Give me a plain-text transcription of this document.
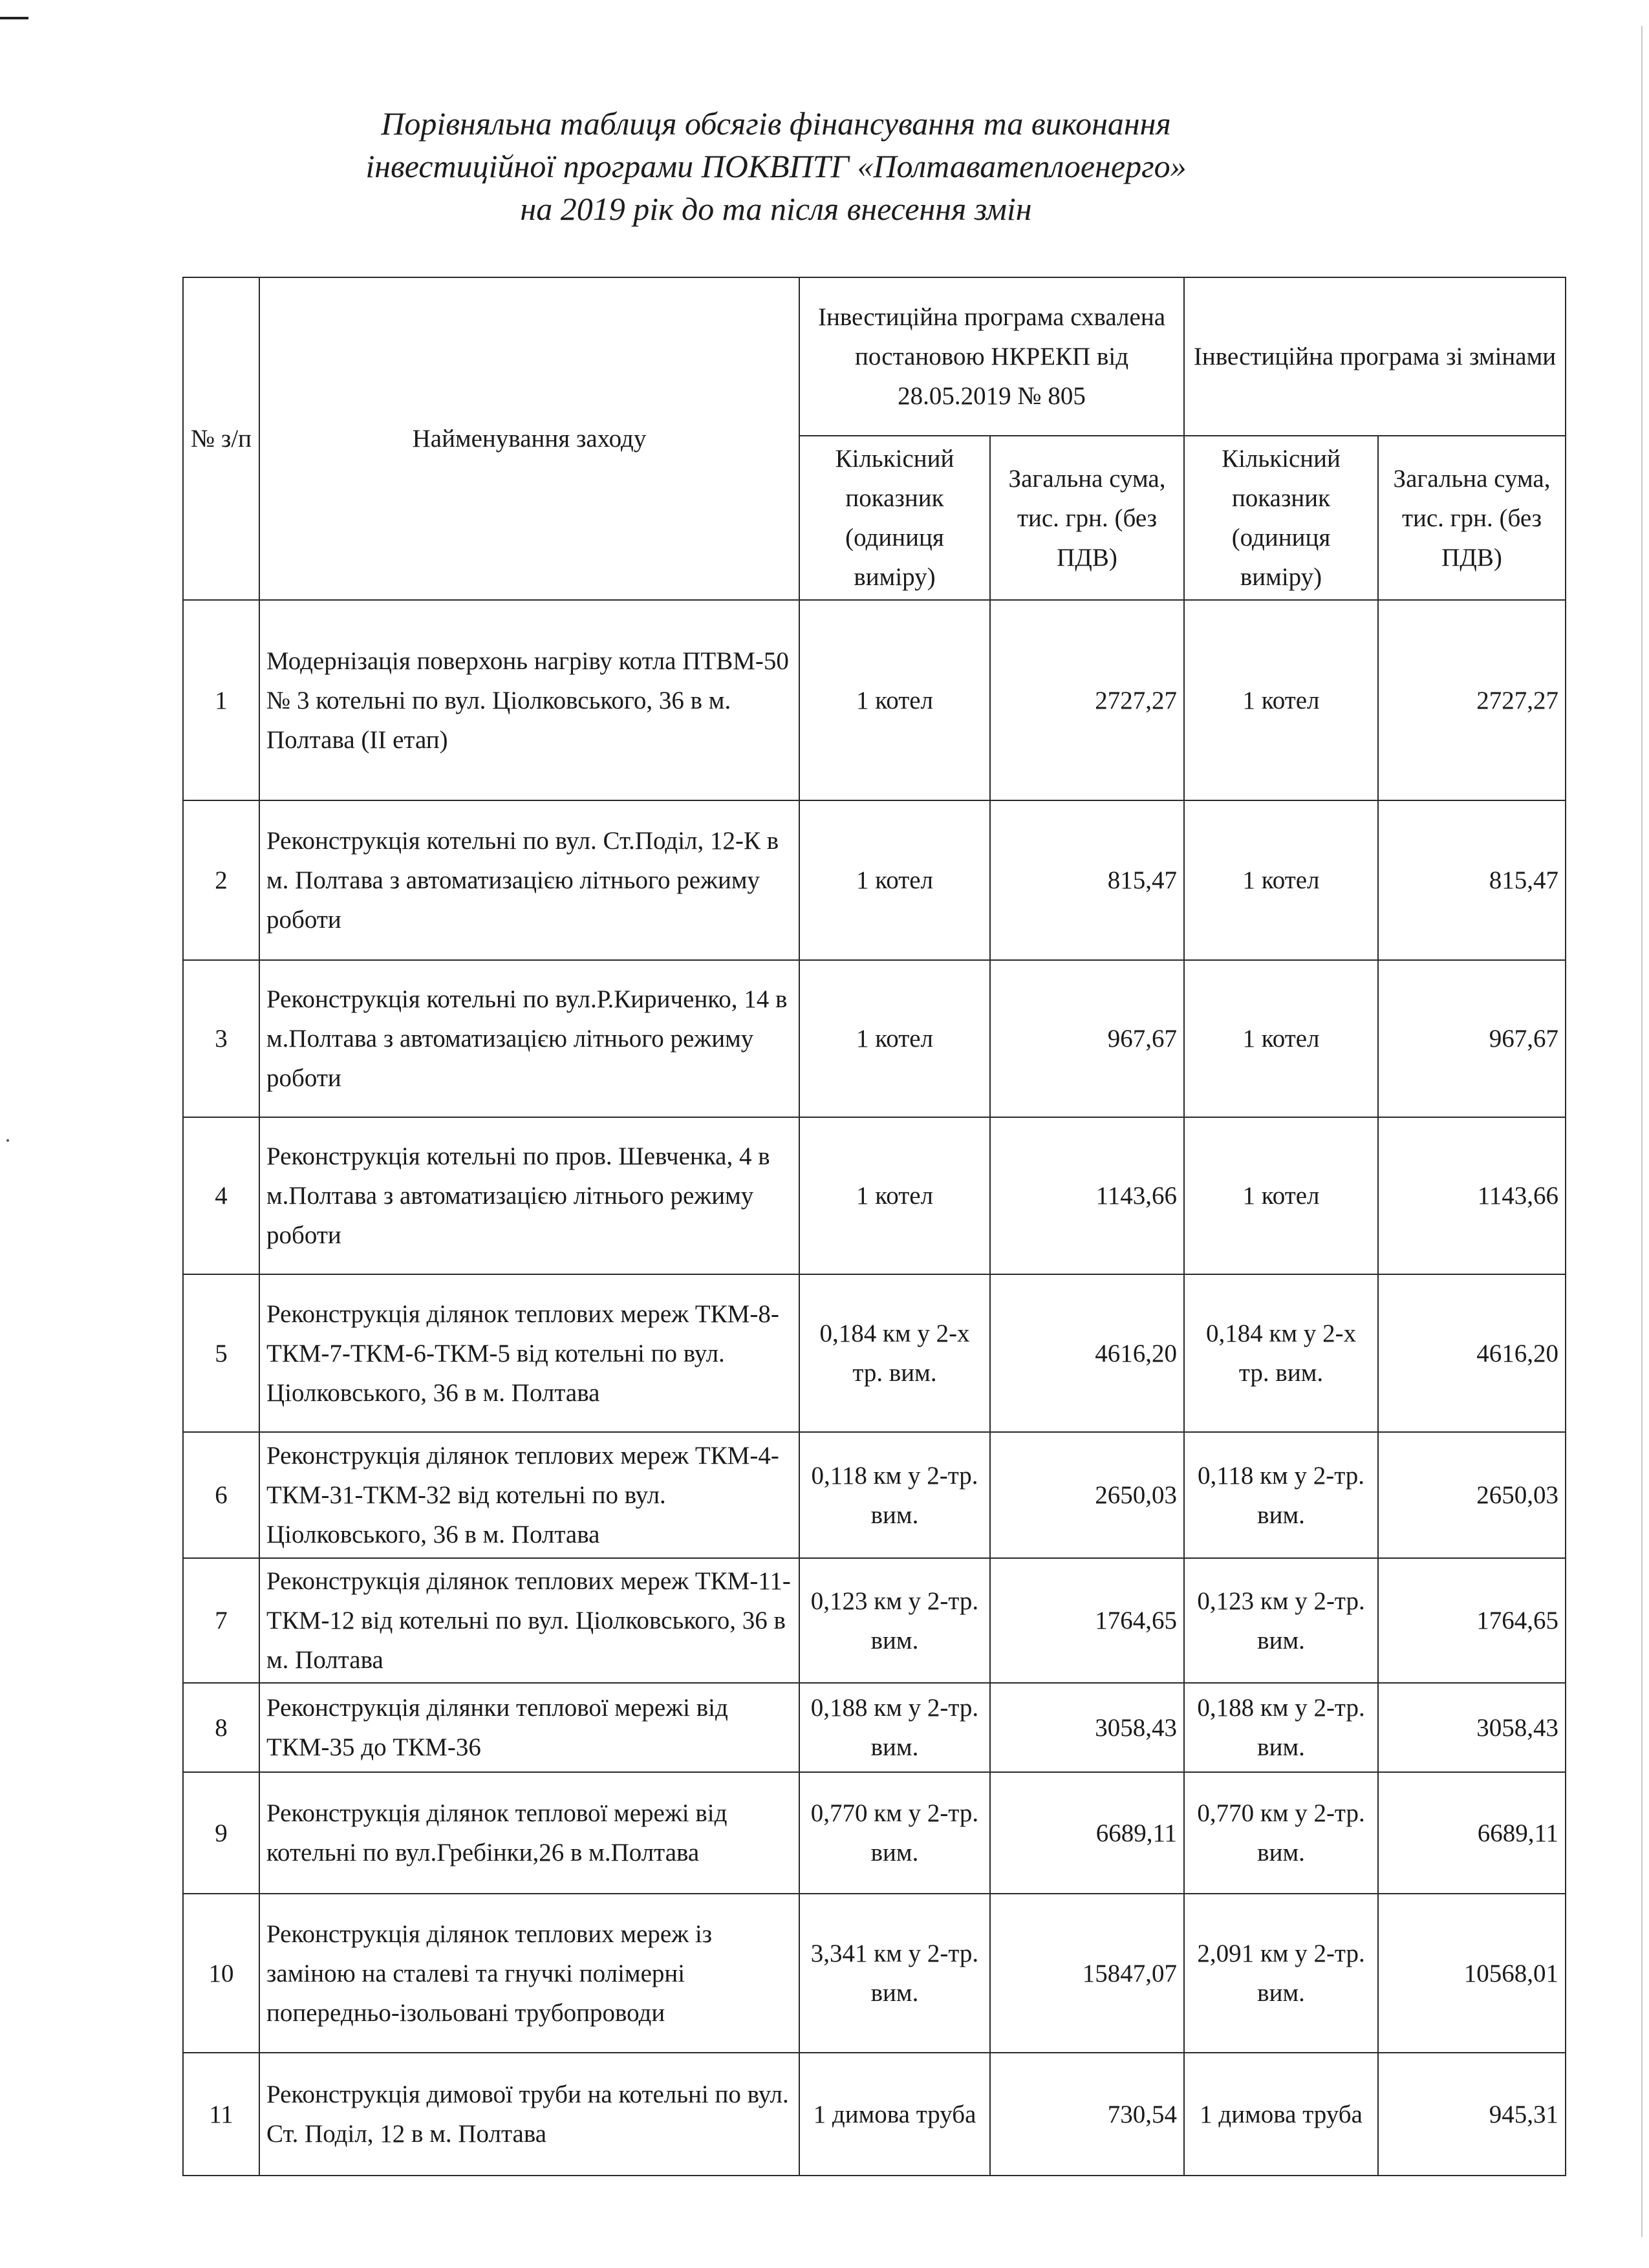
Порівняльна таблиця обсягів фінансування та виконання
інвестиційної програми ПОКВПТГ «Полтаватеплоенерго»
на 2019 рік до та після внесення змін
№ з/п	Найменування заходу	Інвестиційна програма схвалена постановою НКРЕКП від 28.05.2019 № 805		Інвестиційна програма зі змінами	
		Кількісний показник (одиниця виміру)	Загальна сума, тис. грн. (без ПДВ)	Кількісний показник (одиниця виміру)	Загальна сума, тис. грн. (без ПДВ)
1	Модернізація поверхонь нагріву котла ПТВМ-50 № 3 котельні по вул. Ціолковського, 36 в м. Полтава (ІІ етап)	1 котел	2727,27	1 котел	2727,27
2	Реконструкція котельні по вул. Ст.Поділ, 12-К в м. Полтава з автоматизацією літнього режиму роботи	1 котел	815,47	1 котел	815,47
3	Реконструкція котельні по вул.Р.Кириченко, 14 в м.Полтава з автоматизацією літнього режиму роботи	1 котел	967,67	1 котел	967,67
4	Реконструкція котельні по пров. Шевченка, 4 в м.Полтава з автоматизацією літнього режиму роботи	1 котел	1143,66	1 котел	1143,66
5	Реконструкція ділянок теплових мереж ТКМ-8-ТКМ-7-ТКМ-6-ТКМ-5 від котельні по вул. Ціолковського, 36 в м. Полтава	0,184 км у 2-х тр. вим.	4616,20	0,184 км у 2-х тр. вим.	4616,20
6	Реконструкція ділянок теплових мереж ТКМ-4-ТКМ-31-ТКМ-32 від котельні по вул. Ціолковського, 36 в м. Полтава	0,118 км у 2-тр. вим.	2650,03	0,118 км у 2-тр. вим.	2650,03
7	Реконструкція ділянок теплових мереж ТКМ-11-ТКМ-12 від котельні по вул. Ціолковського, 36 в м. Полтава	0,123 км у 2-тр. вим.	1764,65	0,123 км у 2-тр. вим.	1764,65
8	Реконструкція ділянки теплової мережі від ТКМ-35 до ТКМ-36	0,188 км у 2-тр. вим.	3058,43	0,188 км у 2-тр. вим.	3058,43
9	Реконструкція ділянок теплової мережі від котельні по вул.Гребінки,26 в м.Полтава	0,770 км у 2-тр. вим.	6689,11	0,770 км у 2-тр. вим.	6689,11
10	Реконструкція ділянок теплових мереж із заміною на сталеві та гнучкі полімерні попередньо-ізольовані трубопроводи	3,341 км у 2-тр. вим.	15847,07	2,091 км у 2-тр. вим.	10568,01
11	Реконструкція димової труби на котельні по вул. Ст. Поділ, 12 в м. Полтава	1 димова труба	730,54	1 димова труба	945,31
